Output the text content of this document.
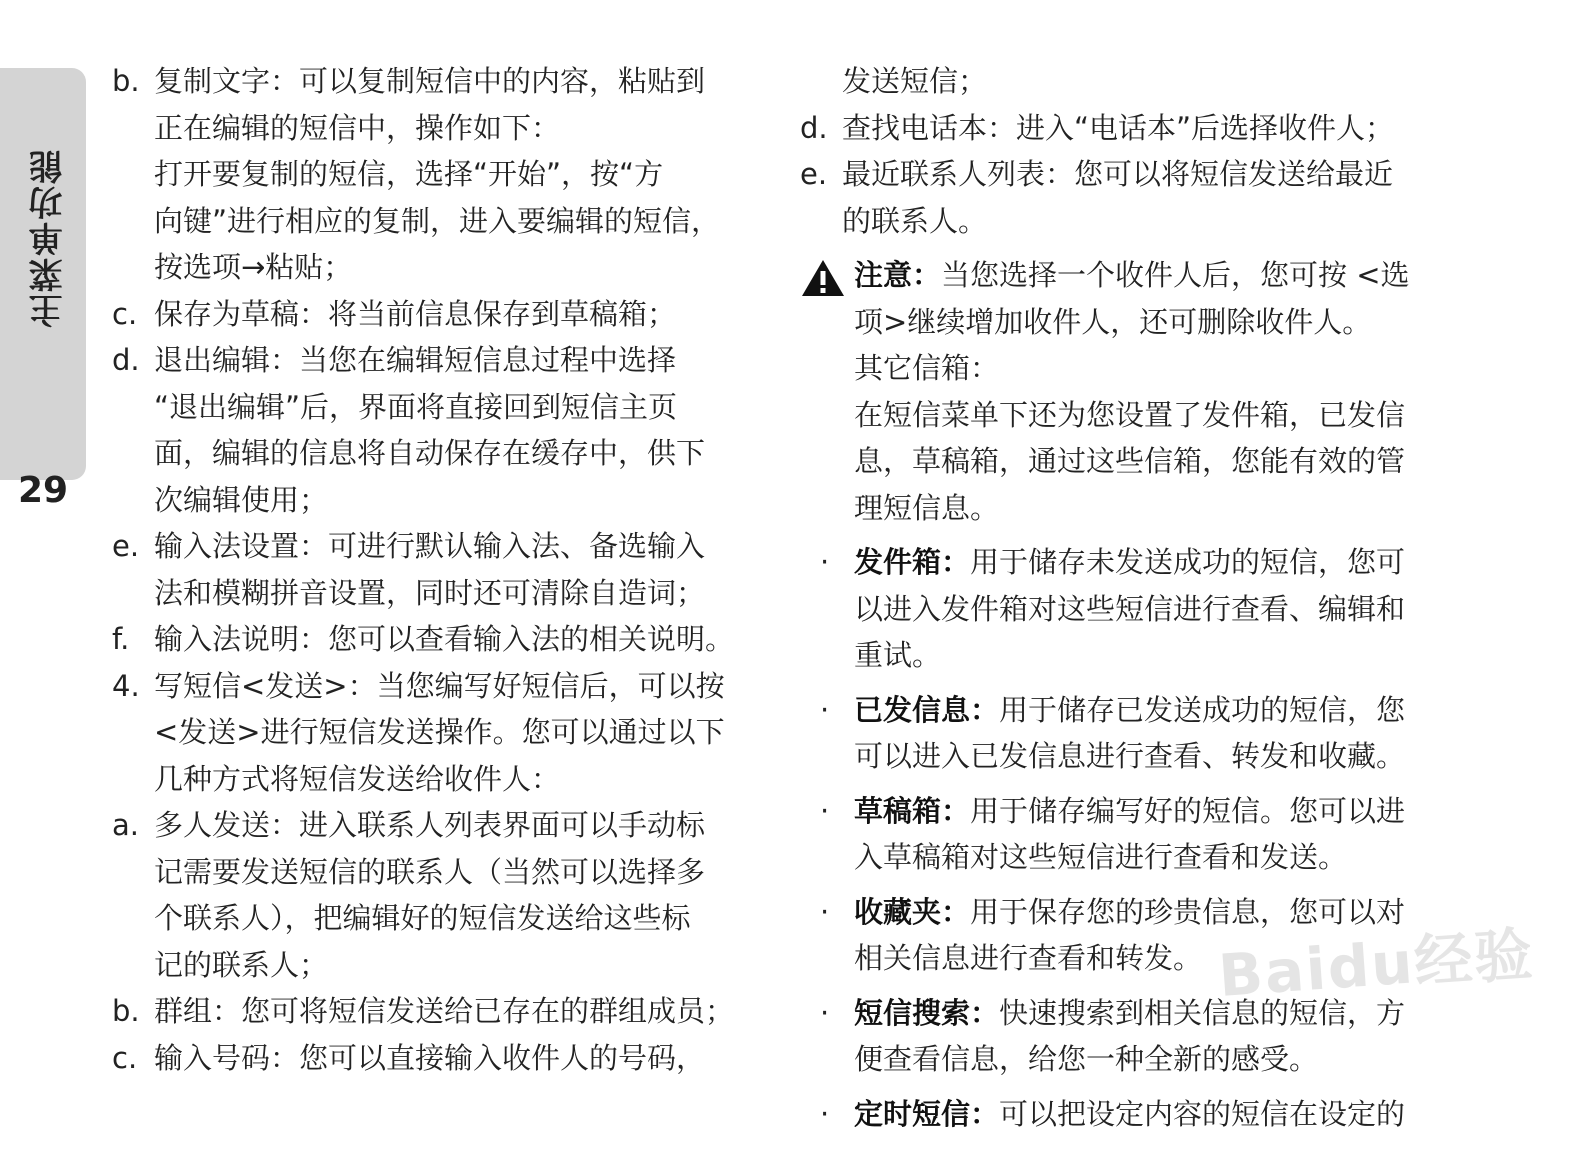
主菜单功能
29
b. 复制文字：可以复制短信中的内容，粘贴到
正在编辑的短信中，操作如下：
打开要复制的短信，选择“开始”，按“方
向键”进行相应的复制，进入要编辑的短信，
按选项→粘贴；
c. 保存为草稿：将当前信息保存到草稿箱；
d. 退出编辑：当您在编辑短信息过程中选择
“退出编辑”后，界面将直接回到短信主页
面，编辑的信息将自动保存在缓存中，供下
次编辑使用；
e. 输入法设置：可进行默认输入法、备选输入
法和模糊拼音设置，同时还可清除自造词；
f. 输入法说明：您可以查看输入法的相关说明。
4. 写短信<发送>：当您编写好短信后，可以按
<发送>进行短信发送操作。您可以通过以下
几种方式将短信发送给收件人：
a. 多人发送：进入联系人列表界面可以手动标
记需要发送短信的联系人（当然可以选择多
个联系人），把编辑好的短信发送给这些标
记的联系人；
b. 群组：您可将短信发送给已存在的群组成员；
c. 输入号码：您可以直接输入收件人的号码，
发送短信；
d. 查找电话本：进入“电话本”后选择收件人；
e. 最近联系人列表：您可以将短信发送给最近
的联系人。
注意：当您选择一个收件人后，您可按 <选
项>继续增加收件人，还可删除收件人。
其它信箱：
在短信菜单下还为您设置了发件箱，已发信
息，草稿箱，通过这些信箱，您能有效的管
理短信息。
· 发件箱：用于储存未发送成功的短信，您可
以进入发件箱对这些短信进行查看、编辑和
重试。
· 已发信息：用于储存已发送成功的短信，您
可以进入已发信息进行查看、转发和收藏。
· 草稿箱：用于储存编写好的短信。您可以进
入草稿箱对这些短信进行查看和发送。
· 收藏夹：用于保存您的珍贵信息，您可以对
相关信息进行查看和转发。
· 短信搜索：快速搜索到相关信息的短信，方
便查看信息，给您一种全新的感受。
· 定时短信：可以把设定内容的短信在设定的
Baidu经验
